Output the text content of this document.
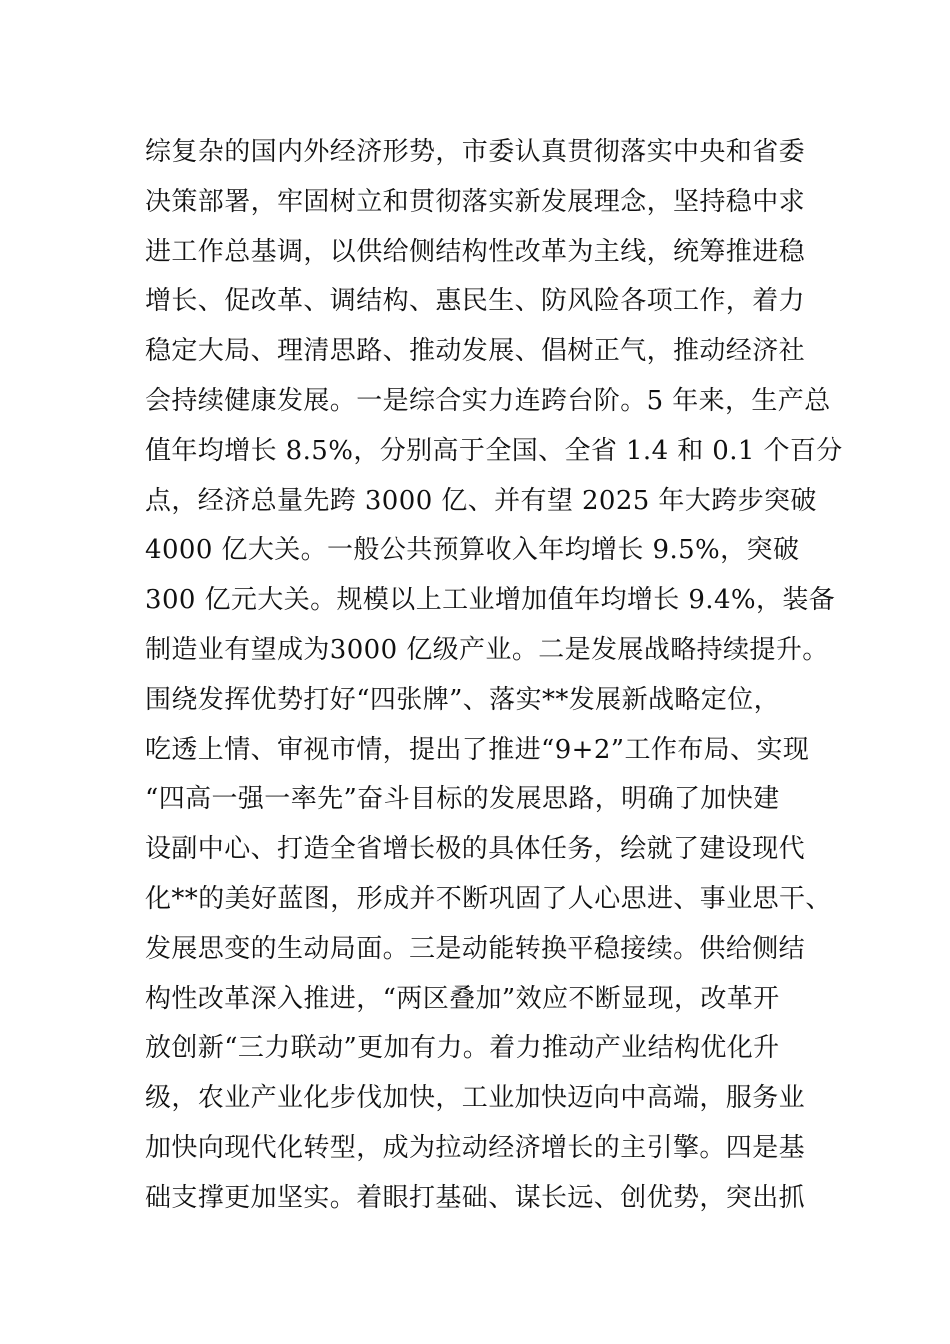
综复杂的国内外经济形势，市委认真贯彻落实中央和省委
决策部署，牢固树立和贯彻落实新发展理念，坚持稳中求
进工作总基调，以供给侧结构性改革为主线，统筹推进稳
增长、促改革、调结构、惠民生、防风险各项工作，着力
稳定大局、理清思路、推动发展、倡树正气，推动经济社
会持续健康发展。一是综合实力连跨台阶。5 年来，生产总
值年均增长 8.5%，分别高于全国、全省 1.4 和 0.1 个百分
点，经济总量先跨 3000 亿、并有望 2025 年大跨步突破
4000 亿大关。一般公共预算收入年均增长 9.5%，突破
300 亿元大关。规模以上工业增加值年均增长 9.4%，装备
制造业有望成为3000 亿级产业。二是发展战略持续提升。
围绕发挥优势打好“四张牌”、落实**发展新战略定位，
吃透上情、审视市情，提出了推进“9+2”工作布局、实现
“四高一强一率先”奋斗目标的发展思路，明确了加快建
设副中心、打造全省增长极的具体任务，绘就了建设现代
化**的美好蓝图，形成并不断巩固了人心思进、事业思干、
发展思变的生动局面。三是动能转换平稳接续。供给侧结
构性改革深入推进，“两区叠加”效应不断显现，改革开
放创新“三力联动”更加有力。着力推动产业结构优化升
级，农业产业化步伐加快，工业加快迈向中高端，服务业
加快向现代化转型，成为拉动经济增长的主引擎。四是基
础支撑更加坚实。着眼打基础、谋长远、创优势，突出抓
